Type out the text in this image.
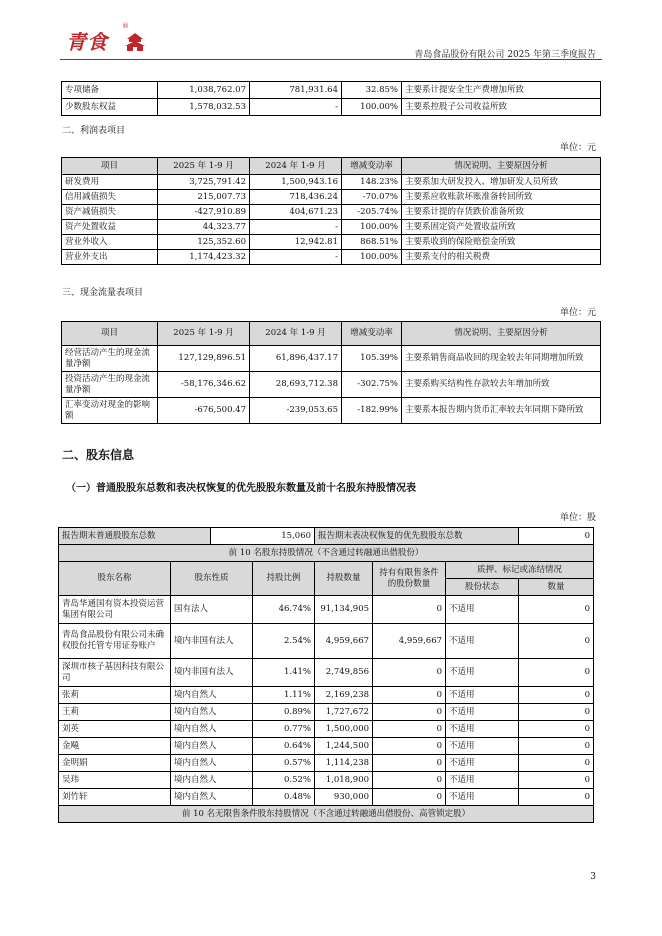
青食
®
青岛食品股份有限公司 2025 年第三季度报告
专项储备	1,038,762.07	781,931.64	32.85%	主要系计提安全生产费增加所致
少数股东权益	1,578,032.53	-	100.00%	主要系控股子公司收益所致
二、利润表项目
单位：元
项目	2025 年 1-9 月	2024 年 1-9 月	增减变动率	情况说明、主要原因分析
研发费用	3,725,791.42	1,500,943.16	148.23%	主要系加大研发投入、增加研发人员所致
信用减值损失	215,007.73	718,436.24	-70.07%	主要系应收账款坏账准备转回所致
资产减值损失	-427,910.89	404,671.23	-205.74%	主要系计提的存货跌价准备所致
资产处置收益	44,323.77	-	100.00%	主要系固定资产处置收益所致
营业外收入	125,352.60	12,942.81	868.51%	主要系收到的保险赔偿金所致
营业外支出	1,174,423.32	-	100.00%	主要系支付的相关税费
三、现金流量表项目
单位：元
项目	2025 年 1-9 月	2024 年 1-9 月	增减变动率	情况说明、主要原因分析
经营活动产生的现金流量净额	127,129,896.51	61,896,437.17	105.39%	主要系销售商品收回的现金较去年同期增加所致
投资活动产生的现金流量净额	-58,176,346.62	28,693,712.38	-302.75%	主要系购买结构性存款较去年增加所致
汇率变动对现金的影响额	-676,500.47	-239,053.65	-182.99%	主要系本报告期内货币汇率较去年同期下降所致
二、股东信息
（一）普通股股东总数和表决权恢复的优先股股东数量及前十名股东持股情况表
单位：股
报告期末普通股股东总数		15,060		报告期末表决权恢复的优先股股东总数			0
前 10 名股东持股情况（不含通过转融通出借股份）							
股东名称	股东性质		持股比例	持股数量	持有有限售条件的股份数量	质押、标记或冻结情况	
						股份状态	数量
青岛华通国有资本投资运营集团有限公司	国有法人		46.74%	91,134,905	0	不适用	0
青岛食品股份有限公司未确权股份托管专用证券账户	境内非国有法人		2.54%	4,959,667	4,959,667	不适用	0
深圳市核子基因科技有限公司	境内非国有法人		1.41%	2,749,856	0	不适用	0
张莉	境内自然人		1.11%	2,169,238	0	不适用	0
王莉	境内自然人		0.89%	1,727,672	0	不适用	0
刘英	境内自然人		0.77%	1,500,000	0	不适用	0
金飚	境内自然人		0.64%	1,244,500	0	不适用	0
金明娟	境内自然人		0.57%	1,114,238	0	不适用	0
吴玮	境内自然人		0.52%	1,018,900	0	不适用	0
刘竹轩	境内自然人		0.48%	930,000	0	不适用	0
前 10 名无限售条件股东持股情况（不含通过转融通出借股份、高管锁定股）							
3
